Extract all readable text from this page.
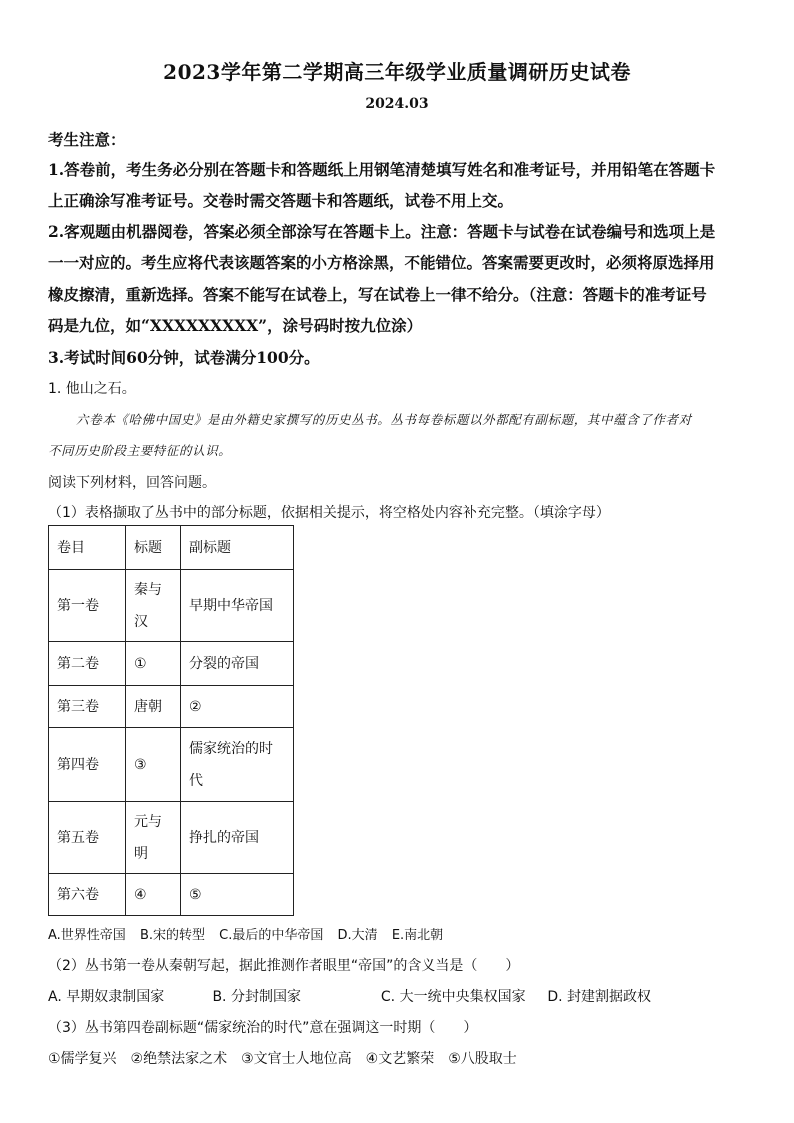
2023学年第二学期高三年级学业质量调研历史试卷
2024.03
考生注意：
1.答卷前，考生务必分别在答题卡和答题纸上用钢笔清楚填写姓名和准考证号，并用铅笔在答题卡
上正确涂写准考证号。交卷时需交答题卡和答题纸，试卷不用上交。
2.客观题由机器阅卷，答案必须全部涂写在答题卡上。注意：答题卡与试卷在试卷编号和选项上是
一一对应的。考生应将代表该题答案的小方格涂黑，不能错位。答案需要更改时，必须将原选择用
橡皮擦清，重新选择。答案不能写在试卷上，写在试卷上一律不给分。（注意：答题卡的准考证号
码是九位，如“XXXXXXXXX”，涂号码时按九位涂）
3.考试时间60分钟，试卷满分100分。
1. 他山之石。
六卷本《哈佛中国史》是由外籍史家撰写的历史丛书。丛书每卷标题以外都配有副标题，其中蕴含了作者对
不同历史阶段主要特征的认识。
阅读下列材料，回答问题。
（1）表格撷取了丛书中的部分标题，依据相关提示，将空格处内容补充完整。（填涂字母）
卷目	标题	副标题
第一卷	秦与
汉	早期中华帝国
第二卷	①	分裂的帝国
第三卷	唐朝	②
第四卷	③	儒家统治的时
代
第五卷	元与
明	挣扎的帝国
第六卷	④	⑤
A.世界性帝国 B.宋的转型 C.最后的中华帝国 D.大清 E.南北朝
（2）丛书第一卷从秦朝写起，据此推测作者眼里“帝国”的含义当是（　　）
A. 早期奴隶制国家	B. 分封制国家	C. 大一统中央集权国家 D. 封建割据政权
（3）丛书第四卷副标题“儒家统治的时代”意在强调这一时期（　　）
①儒学复兴　②绝禁法家之术　③文官士人地位高　④文艺繁荣　⑤八股取士
